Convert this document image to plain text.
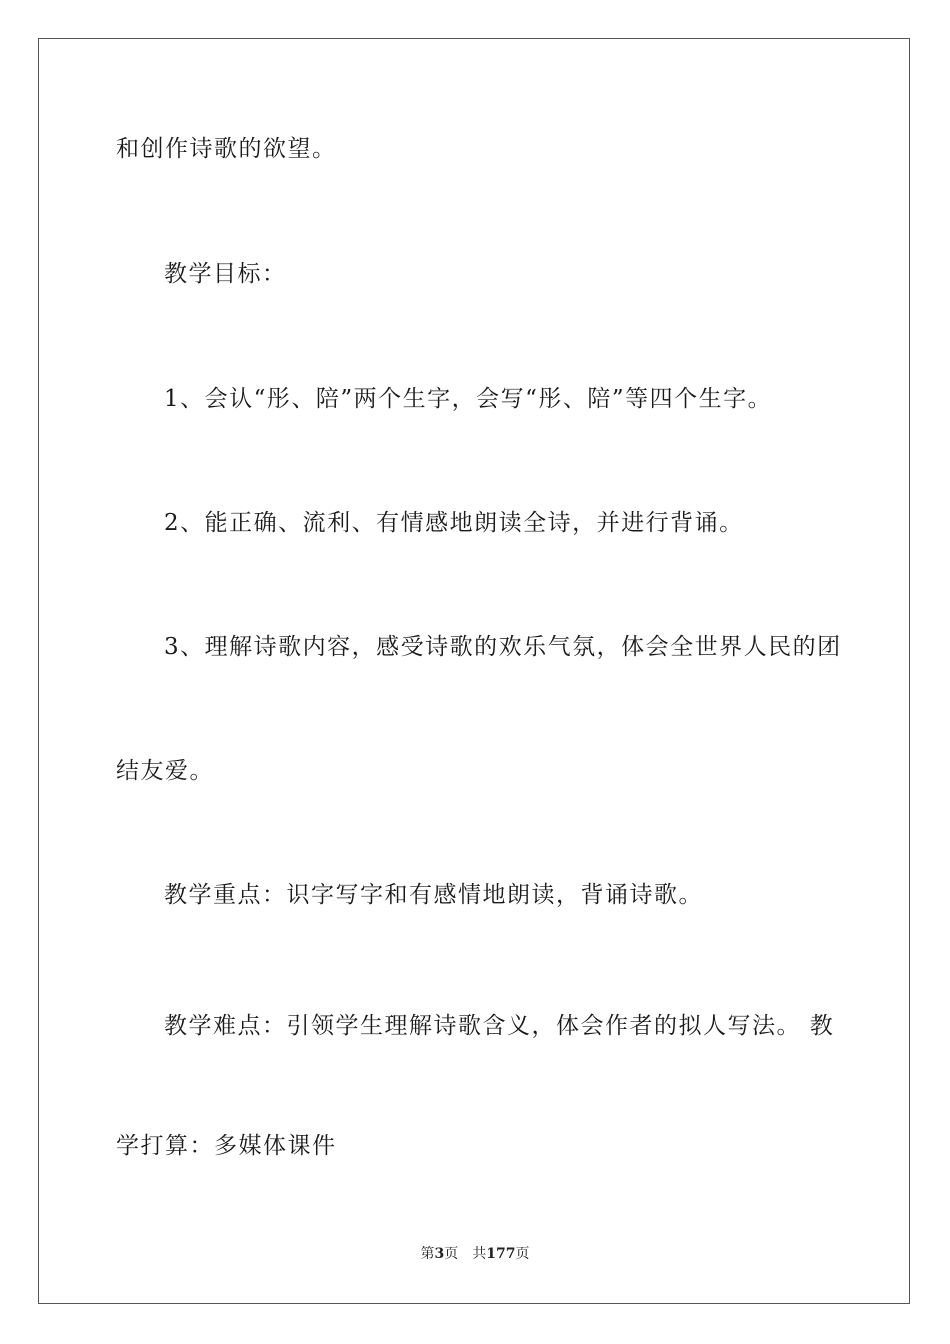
和创作诗歌的欲望。
教学目标：
1、会认“彤、陪”两个生字，会写“彤、陪”等四个生字。
2、能正确、流利、有情感地朗读全诗，并进行背诵。
3、理解诗歌内容，感受诗歌的欢乐气氛，体会全世界人民的团
结友爱。
教学重点：识字写字和有感情地朗读，背诵诗歌。
教学难点：引领学生理解诗歌含义，体会作者的拟人写法。 教
学打算：多媒体课件
第3页 共177页
